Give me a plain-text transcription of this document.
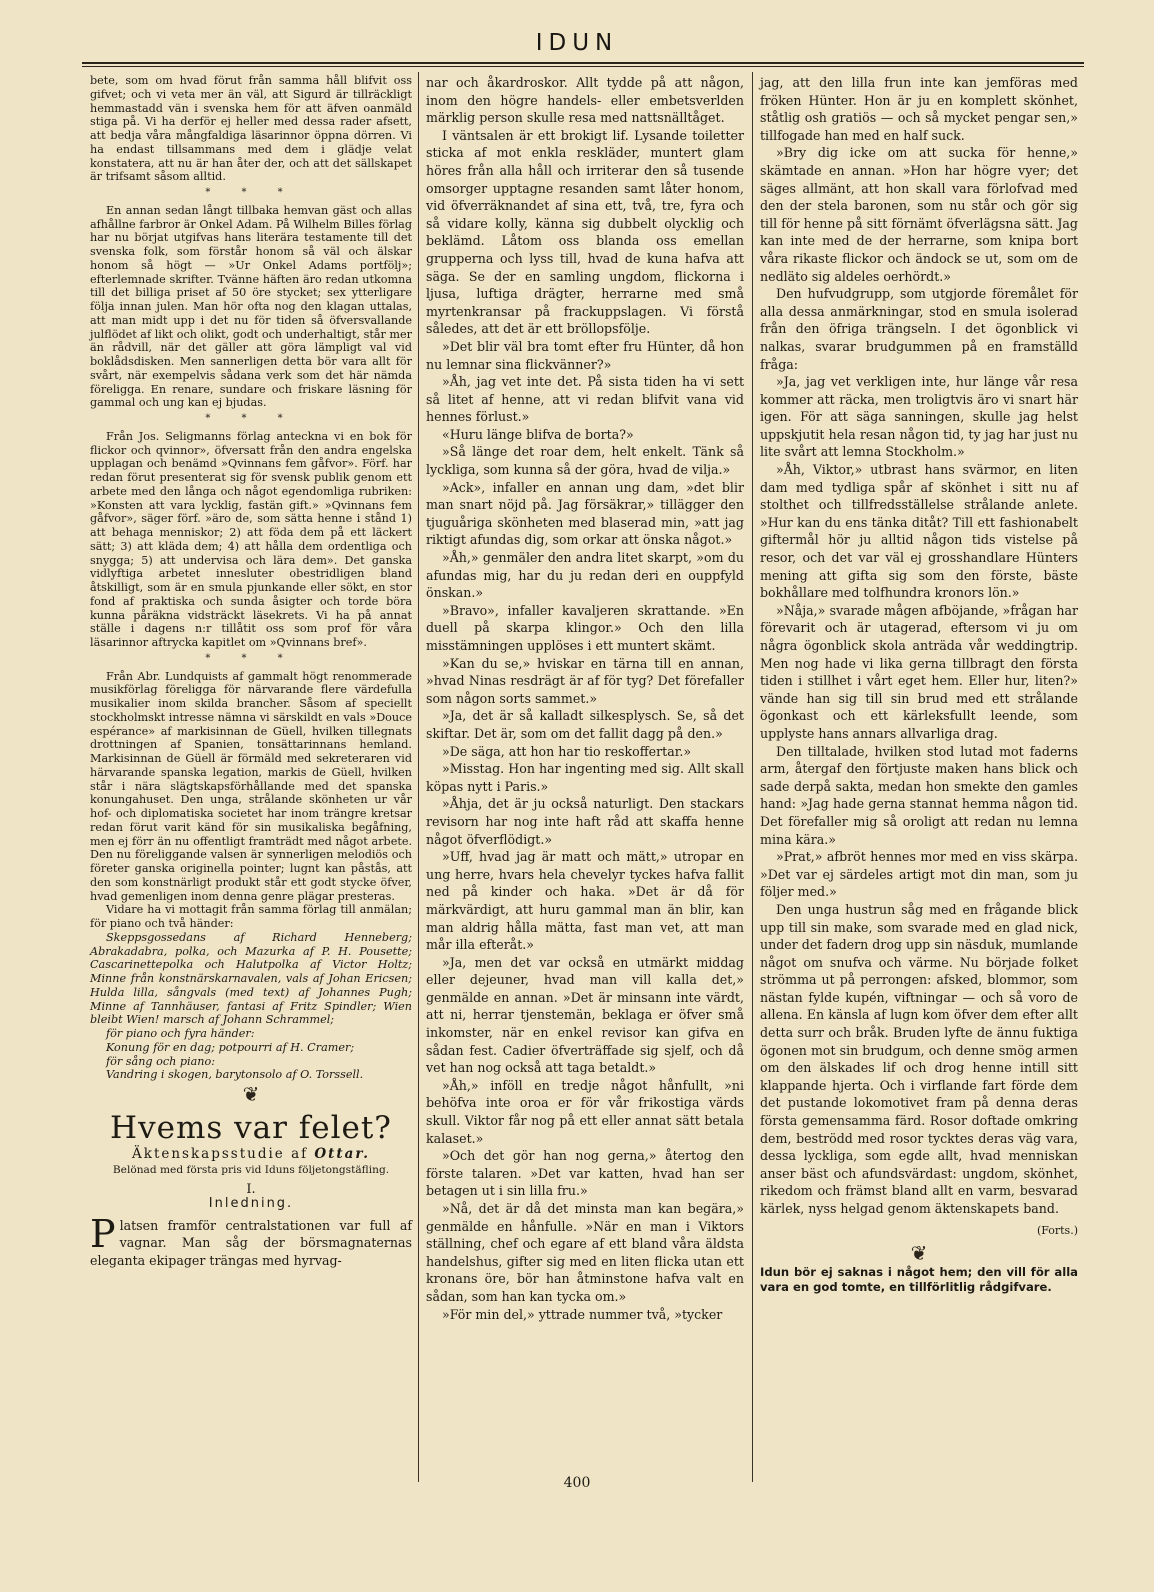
IDUN

bete, som om hvad förut från samma håll blifvit oss gifvet; och vi veta mer än väl, att Sigurd är tillräckligt hemmastadd vän i svenska hem för att äfven oanmäld stiga på. Vi ha derför ej heller med dessa rader afsett, att bedja våra mångfaldiga läsarinnor öppna dörren. Vi ha endast tillsammans med dem i glädje velat konstatera, att nu är han åter der, och att det sällskapet är trifsamt såsom alltid.

* * *

En annan sedan långt tillbaka hemvan gäst och allas afhållne farbror är Onkel Adam. På Wilhelm Billes förlag har nu börjat utgifvas hans literära testamente till det svenska folk, som förstår honom så väl och älskar honom så högt — »Ur Onkel Adams portfölj»; efterlemnade skrifter. Tvänne häften äro redan utkomna till det billiga priset af 50 öre stycket; sex ytterligare följa innan julen. Man hör ofta nog den klagan uttalas, att man midt upp i det nu för tiden så öfversvallande julflödet af likt och olikt, godt och underhaltigt, står mer än rådvill, när det gäller att göra lämpligt val vid boklådsdisken. Men sannerligen detta bör vara allt för svårt, när exempelvis sådana verk som det här nämda föreligga. En renare, sundare och friskare läsning för gammal och ung kan ej bjudas.

* * *

Från Jos. Seligmanns förlag anteckna vi en bok för flickor och qvinnor», öfversatt från den andra engelska upplagan och benämd »Qvinnans fem gåfvor». Förf. har redan förut presenterat sig för svensk publik genom ett arbete med den långa och något egendomliga rubriken: »Konsten att vara lycklig, fastän gift.» »Qvinnans fem gåfvor», säger förf. »äro de, som sätta henne i stånd 1) att behaga menniskor; 2) att föda dem på ett läckert sätt; 3) att kläda dem; 4) att hålla dem ordentliga och snygga; 5) att undervisa och lära dem». Det ganska vidlyftiga arbetet innesluter obestridligen bland åtskilligt, som är en smula pjunkande eller sökt, en stor fond af praktiska och sunda åsigter och torde böra kunna påräkna vidsträckt läsekrets. Vi ha på annat ställe i dagens n:r tillåtit oss som prof för våra läsarinnor aftrycka kapitlet om »Qvinnans bref».

* * *

Från Abr. Lundquists af gammalt högt renommerade musikförlag föreligga för närvarande flere värdefulla musikalier inom skilda brancher. Såsom af speciellt stockholmskt intresse nämna vi särskildt en vals »Douce espérance» af markisinnan de Güell, hvilken tillegnats drottningen af Spanien, tonsättarinnans hemland. Markisinnan de Güell är förmäld med sekreteraren vid härvarande spanska legation, markis de Güell, hvilken står i nära slägtskapsförhållande med det spanska konungahuset. Den unga, strålande skönheten ur vår hof- och diplomatiska societet har inom trängre kretsar redan förut varit känd för sin musikaliska begåfning, men ej förr än nu offentligt framträdt med något arbete. Den nu föreliggande valsen är synnerligen melodiös och företer ganska originella pointer; lugnt kan påstås, att den som konstnärligt produkt står ett godt stycke öfver, hvad gemenligen inom denna genre plägar presteras.

Vidare ha vi mottagit från samma förlag till anmälan; för piano och två händer:

Skeppsgossedans af Richard Henneberg; Abrakadabra, polka, och Mazurka af P. H. Pousette; Cascarinettepolka och Halutpolka af Victor Holtz; Minne från konstnärskarnavalen, vals af Johan Ericsen; Hulda lilla, sångvals (med text) af Johannes Pugh; Minne af Tannhäuser, fantasi af Fritz Spindler; Wien bleibt Wien! marsch af Johann Schrammel;

för piano och fyra händer:

Konung för en dag; potpourri af H. Cramer;

för sång och piano:

Vandring i skogen, barytonsolo af O. Torssell.

❦
Hvems var felet?
Äktenskapsstudie af Ottar.
Belönad med första pris vid Iduns följetongstäfling.
I.
Inledning.

Platsen framför centralstationen var full af vagnar. Man såg der börsmagnaternas eleganta ekipager trängas med hyrvag-

nar och åkardroskor. Allt tydde på att någon, inom den högre handels- eller embetsverlden märklig person skulle resa med nattsnälltåget.

I väntsalen är ett brokigt lif. Lysande toiletter sticka af mot enkla reskläder, muntert glam höres från alla håll och irriterar den så tusende omsorger upptagne resanden samt låter honom, vid öfverräknandet af sina ett, två, tre, fyra och så vidare kolly, känna sig dubbelt olycklig och beklämd. Låtom oss blanda oss emellan grupperna och lyss till, hvad de kuna hafva att säga. Se der en samling ungdom, flickorna i ljusa, luftiga drägter, herrarne med små myrtenkransar på frackuppslagen. Vi förstå således, att det är ett bröllopsfölje.

»Det blir väl bra tomt efter fru Hünter, då hon nu lemnar sina flickvänner?»

»Åh, jag vet inte det. På sista tiden ha vi sett så litet af henne, att vi redan blifvit vana vid hennes förlust.»

«Huru länge blifva de borta?»

»Så länge det roar dem, helt enkelt. Tänk så lyckliga, som kunna så der göra, hvad de vilja.»

»Ack», infaller en annan ung dam, »det blir man snart nöjd på. Jag försäkrar,» tillägger den tjuguåriga skönheten med blaserad min, »att jag riktigt afundas dig, som orkar att önska något.»

»Åh,» genmäler den andra litet skarpt, »om du afundas mig, har du ju redan deri en ouppfyld önskan.»

»Bravo», infaller kavaljeren skrattande. »En duell på skarpa klingor.» Och den lilla misstämningen upplöses i ett muntert skämt.

»Kan du se,» hviskar en tärna till en annan, »hvad Ninas resdrägt är af för tyg? Det förefaller som någon sorts sammet.»

»Ja, det är så kalladt silkesplysch. Se, så det skiftar. Det är, som om det fallit dagg på den.»

»De säga, att hon har tio reskoffertar.»

»Misstag. Hon har ingenting med sig. Allt skall köpas nytt i Paris.»

»Åhja, det är ju också naturligt. Den stackars revisorn har nog inte haft råd att skaffa henne något öfverflödigt.»

»Uff, hvad jag är matt och mätt,» utropar en ung herre, hvars hela chevelyr tyckes hafva fallit ned på kinder och haka. »Det är då för märkvärdigt, att huru gammal man än blir, kan man aldrig hålla mätta, fast man vet, att man mår illa efteråt.»

»Ja, men det var också en utmärkt middag eller dejeuner, hvad man vill kalla det,» genmälde en annan. »Det är minsann inte värdt, att ni, herrar tjenstemän, beklaga er öfver små inkomster, när en enkel revisor kan gifva en sådan fest. Cadier öfverträffade sig sjelf, och då vet han nog också att taga betaldt.»

»Åh,» inföll en tredje något hånfullt, »ni behöfva inte oroa er för vår frikostiga värds skull. Viktor får nog på ett eller annat sätt betala kalaset.»

»Och det gör han nog gerna,» återtog den förste talaren. »Det var katten, hvad han ser betagen ut i sin lilla fru.»

»Nå, det är då det minsta man kan begära,» genmälde en hånfulle. »När en man i Viktors ställning, chef och egare af ett bland våra äldsta handelshus, gifter sig med en liten flicka utan ett kronans öre, bör han åtminstone hafva valt en sådan, som han kan tycka om.»

»För min del,» yttrade nummer två, »tycker

jag, att den lilla frun inte kan jemföras med fröken Hünter. Hon är ju en komplett skönhet, ståtlig osh gratiös — och så mycket pengar sen,» tillfogade han med en half suck.

»Bry dig icke om att sucka för henne,» skämtade en annan. »Hon har högre vyer; det säges allmänt, att hon skall vara förlofvad med den der stela baronen, som nu står och gör sig till för henne på sitt förnämt öfverlägsna sätt. Jag kan inte med de der herrarne, som knipa bort våra rikaste flickor och ändock se ut, som om de nedläto sig aldeles oerhördt.»

Den hufvudgrupp, som utgjorde föremålet för alla dessa anmärkningar, stod en smula isolerad från den öfriga trängseln. I det ögonblick vi nalkas, svarar brudgummen på en framställd fråga:

»Ja, jag vet verkligen inte, hur länge vår resa kommer att räcka, men troligtvis äro vi snart här igen. För att säga sanningen, skulle jag helst uppskjutit hela resan någon tid, ty jag har just nu lite svårt att lemna Stockholm.»

»Åh, Viktor,» utbrast hans svärmor, en liten dam med tydliga spår af skönhet i sitt nu af stolthet och tillfredsställelse strålande anlete. »Hur kan du ens tänka ditåt? Till ett fashionabelt giftermål hör ju alltid någon tids vistelse på resor, och det var väl ej grosshandlare Hünters mening att gifta sig som den förste, bäste bokhållare med tolfhundra kronors lön.»

»Nåja,» svarade mågen afböjande, »frågan har förevarit och är utagerad, eftersom vi ju om några ögonblick skola anträda vår weddingtrip. Men nog hade vi lika gerna tillbragt den första tiden i stillhet i vårt eget hem. Eller hur, liten?» vände han sig till sin brud med ett strålande ögonkast och ett kärleksfullt leende, som upplyste hans annars allvarliga drag.

Den tilltalade, hvilken stod lutad mot faderns arm, återgaf den förtjuste maken hans blick och sade derpå sakta, medan hon smekte den gamles hand: »Jag hade gerna stannat hemma någon tid. Det förefaller mig så oroligt att redan nu lemna mina kära.»

»Prat,» afbröt hennes mor med en viss skärpa. »Det var ej särdeles artigt mot din man, som ju följer med.»

Den unga hustrun såg med en frågande blick upp till sin make, som svarade med en glad nick, under det fadern drog upp sin näsduk, mumlande något om snufva och värme. Nu började folket strömma ut på perrongen: afsked, blommor, som nästan fylde kupén, viftningar — och så voro de allena. En känsla af lugn kom öfver dem efter allt detta surr och bråk. Bruden lyfte de ännu fuktiga ögonen mot sin brudgum, och denne smög armen om den älskades lif och drog henne intill sitt klappande hjerta. Och i virflande fart förde dem det pustande lokomotivet fram på denna deras första gemensamma färd. Rosor doftade omkring dem, beströdd med rosor tycktes deras väg vara, dessa lyckliga, som egde allt, hvad menniskan anser bäst och afundsvärdast: ungdom, skönhet, rikedom och främst bland allt en varm, besvarad kärlek, nyss helgad genom äktenskapets band.

(Forts.)
❦

Idun bör ej saknas i något hem; den vill för alla vara en god tomte, en tillförlitlig rådgifvare.

400
